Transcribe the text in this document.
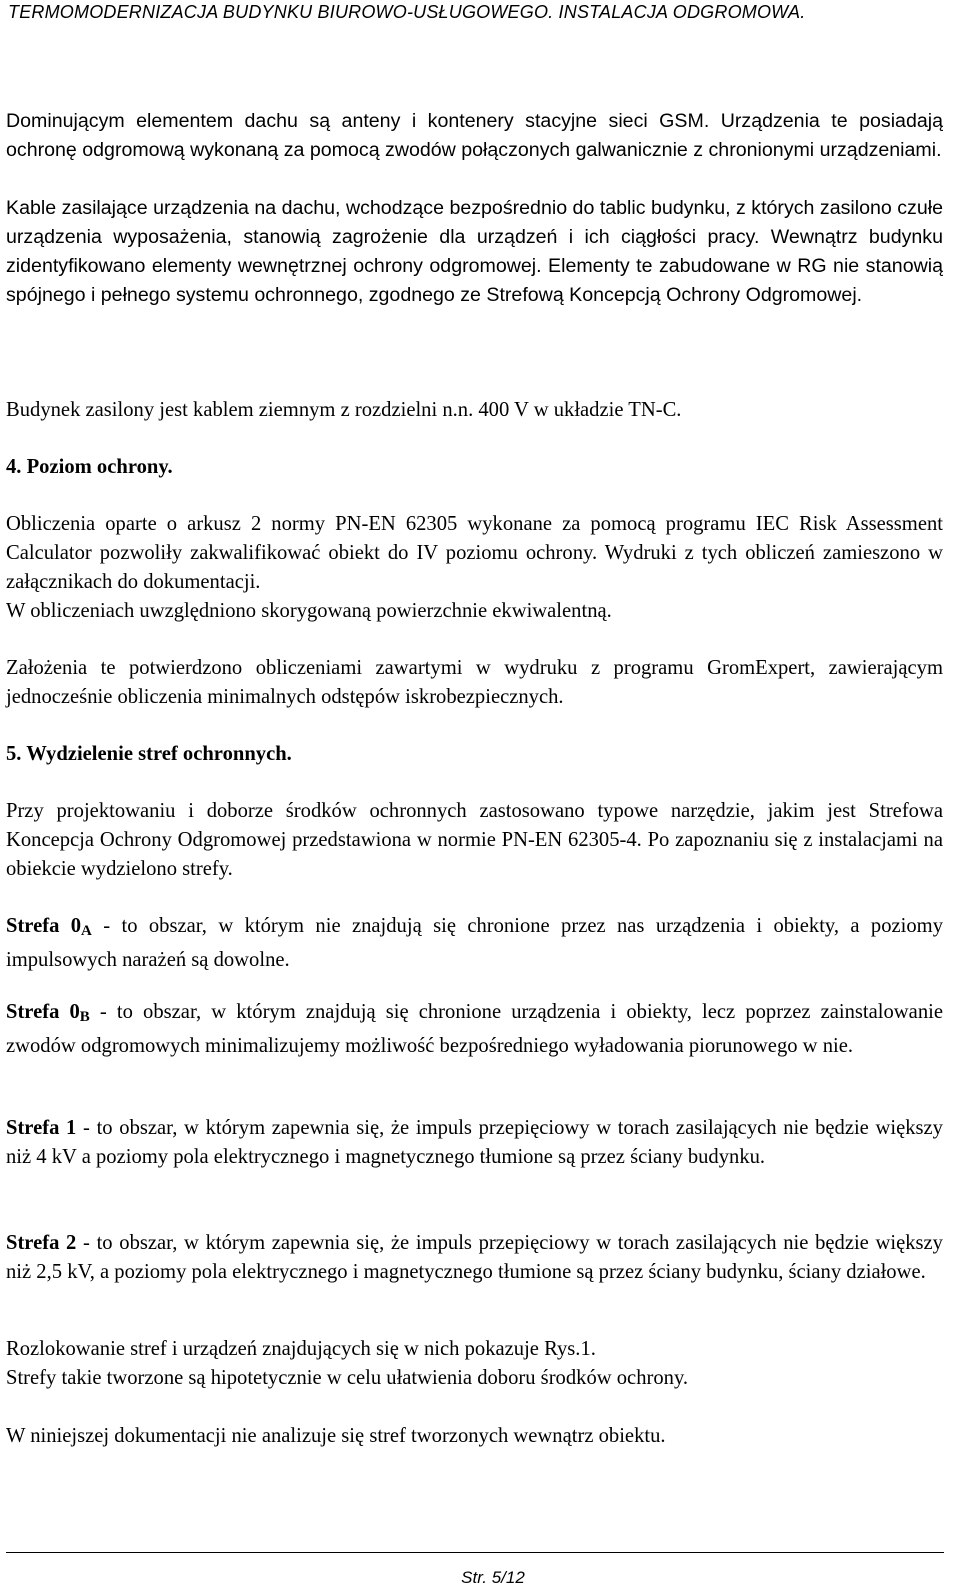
TERMOMODERNIZACJA BUDYNKU BIUROWO-USŁUGOWEGO. INSTALACJA ODGROMOWA.
Dominującym elementem dachu są anteny i kontenery stacyjne sieci GSM. Urządzenia te posiadają ochronę odgromową wykonaną za pomocą zwodów połączonych galwanicznie z chronionymi urządzeniami.
Kable zasilające urządzenia na dachu, wchodzące bezpośrednio do tablic budynku, z których zasilono czułe urządzenia wyposażenia, stanowią zagrożenie dla urządzeń i ich ciągłości pracy. Wewnątrz budynku zidentyfikowano elementy wewnętrznej ochrony odgromowej. Elementy te zabudowane w RG nie stanowią spójnego i pełnego systemu ochronnego, zgodnego ze Strefową Koncepcją Ochrony Odgromowej.
Budynek zasilony jest kablem ziemnym z rozdzielni n.n. 400 V w układzie TN-C.
4. Poziom ochrony.
Obliczenia oparte o arkusz 2 normy PN-EN 62305 wykonane za pomocą programu IEC Risk Assessment Calculator pozwoliły zakwalifikować obiekt do IV poziomu ochrony. Wydruki z tych obliczeń zamieszono w załącznikach do dokumentacji.
W obliczeniach uwzględniono skorygowaną powierzchnie ekwiwalentną.
Założenia te potwierdzono obliczeniami zawartymi w wydruku z programu GromExpert, zawierającym jednocześnie obliczenia minimalnych odstępów iskrobezpiecznych.
5. Wydzielenie stref ochronnych.
Przy projektowaniu i doborze środków ochronnych zastosowano typowe narzędzie, jakim jest Strefowa Koncepcja Ochrony Odgromowej przedstawiona w normie PN-EN 62305-4. Po zapoznaniu się z instalacjami na obiekcie wydzielono strefy.
Strefa $0_A$ - to obszar, w którym nie znajdują się chronione przez nas urządzenia i obiekty, a poziomy impulsowych narażeń są dowolne.
Strefa $0_B$ - to obszar, w którym znajdują się chronione urządzenia i obiekty, lecz poprzez zainstalowanie zwodów odgromowych minimalizujemy możliwość bezpośredniego wyładowania piorunowego w nie.
Strefa 1 - to obszar, w którym zapewnia się, że impuls przepięciowy w torach zasilających nie będzie większy niż 4 kV a poziomy pola elektrycznego i magnetycznego tłumione są przez ściany budynku.
Strefa 2 - to obszar, w którym zapewnia się, że impuls przepięciowy w torach zasilających nie będzie większy niż 2,5 kV, a poziomy pola elektrycznego i magnetycznego tłumione są przez ściany budynku, ściany działowe.
Rozlokowanie stref i urządzeń znajdujących się w nich pokazuje Rys.1.
Strefy takie tworzone są hipotetycznie w celu ułatwienia doboru środków ochrony.
W niniejszej dokumentacji nie analizuje się stref tworzonych wewnątrz obiektu.
Str. 5/12
